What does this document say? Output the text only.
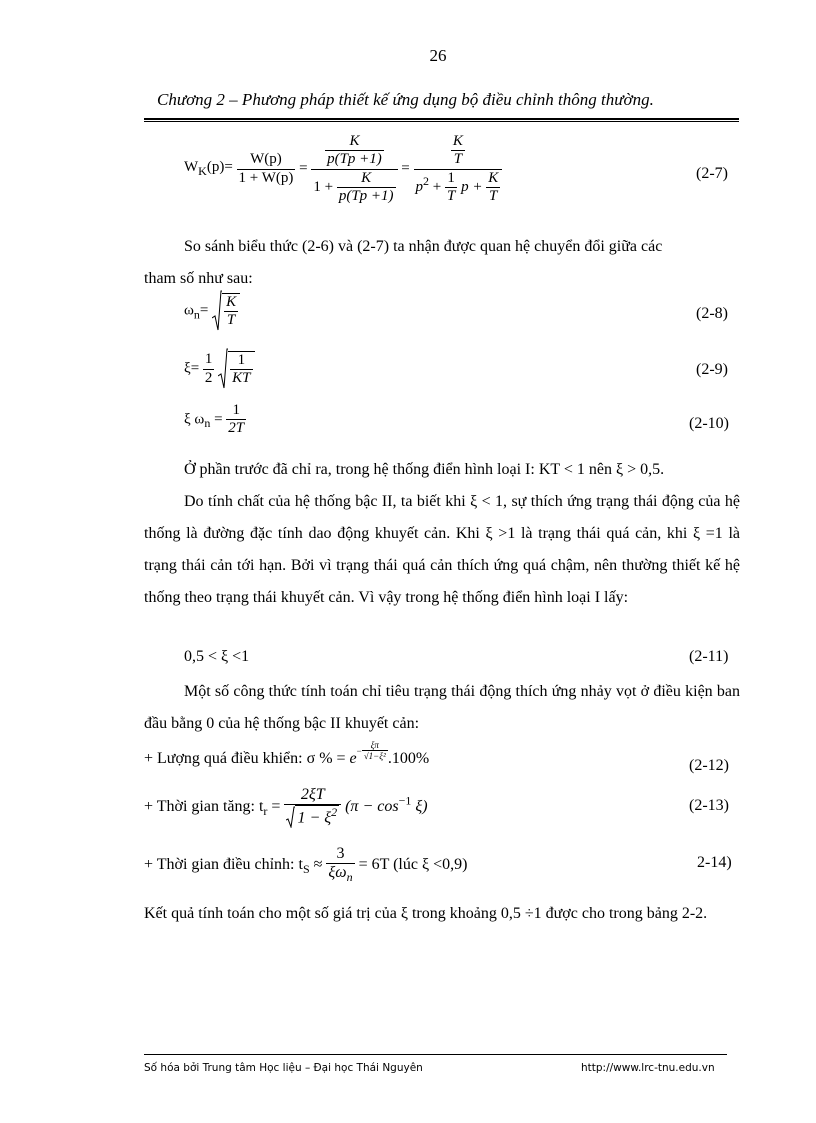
26
Chương 2 – Phương pháp thiết kế ứng dụng bộ điều chỉnh thông thường.
$W_K(p)= \frac{W(p)}{1 + W(p)} = \frac{\frac{K}{p(Tp +1)}}{1 + \frac{K}{p(Tp +1)}} = \frac{\frac{K}{T}}{p^2 + \frac{1}{T} p + \frac{K}{T}}$	(2-7)
So sánh biểu thức (2-6) và (2-7) ta nhận được quan hệ chuyển đổi giữa các
tham số như sau:
$\omega_n= \frac{K}{T}$	(2-8)
$\xi= \frac{1}{2}$
$\frac{1}{KT}$	(2-9)
ξ $\omega_n = \frac{1}{2T}$	(2-10)
Ở phần trước đã chỉ ra, trong hệ thống điển hình loại I: KT < 1 nên ξ > 0,5.
Do tính chất của hệ thống bậc II, ta biết khi ξ < 1, sự thích ứng trạng thái động của hệ thống là đường đặc tính dao động khuyết cản. Khi ξ >1 là trạng thái quá cản, khi ξ =1 là trạng thái cản tới hạn. Bởi vì trạng thái quá cản thích ứng quá chậm, nên thường thiết kế hệ thống theo trạng thái khuyết cản. Vì vậy trong hệ thống điển hình loại I lấy:
0,5 < ξ <1	(2-11)
Một số công thức tính toán chỉ tiêu trạng thái động thích ứng nhảy vọt ở điều kiện ban đầu bằng 0 của hệ thống bậc II khuyết cản:
+ Lượng quá điều khiển: σ % = $e- \frac{\xi\pi}{\text{√1−ξ²}} .100\%$	(2-12)
+ Thời gian tăng: $t_r = \frac{2\xi T}{1 - \xi^2} (\pi - \cos^{-1} \xi)$	(2-13)
+ Thời gian điều chỉnh: $t_S \approx \frac{3}{\xi\omega_n} = 6T$ (lúc ξ <0,9)	2-14)
Kết quả tính toán cho một số giá trị của ξ trong khoảng 0,5 ÷1 được cho trong bảng 2-2.
Số hóa bởi Trung tâm Học liệu – Đại học Thái Nguyên	http://www.lrc-tnu.edu.vn
